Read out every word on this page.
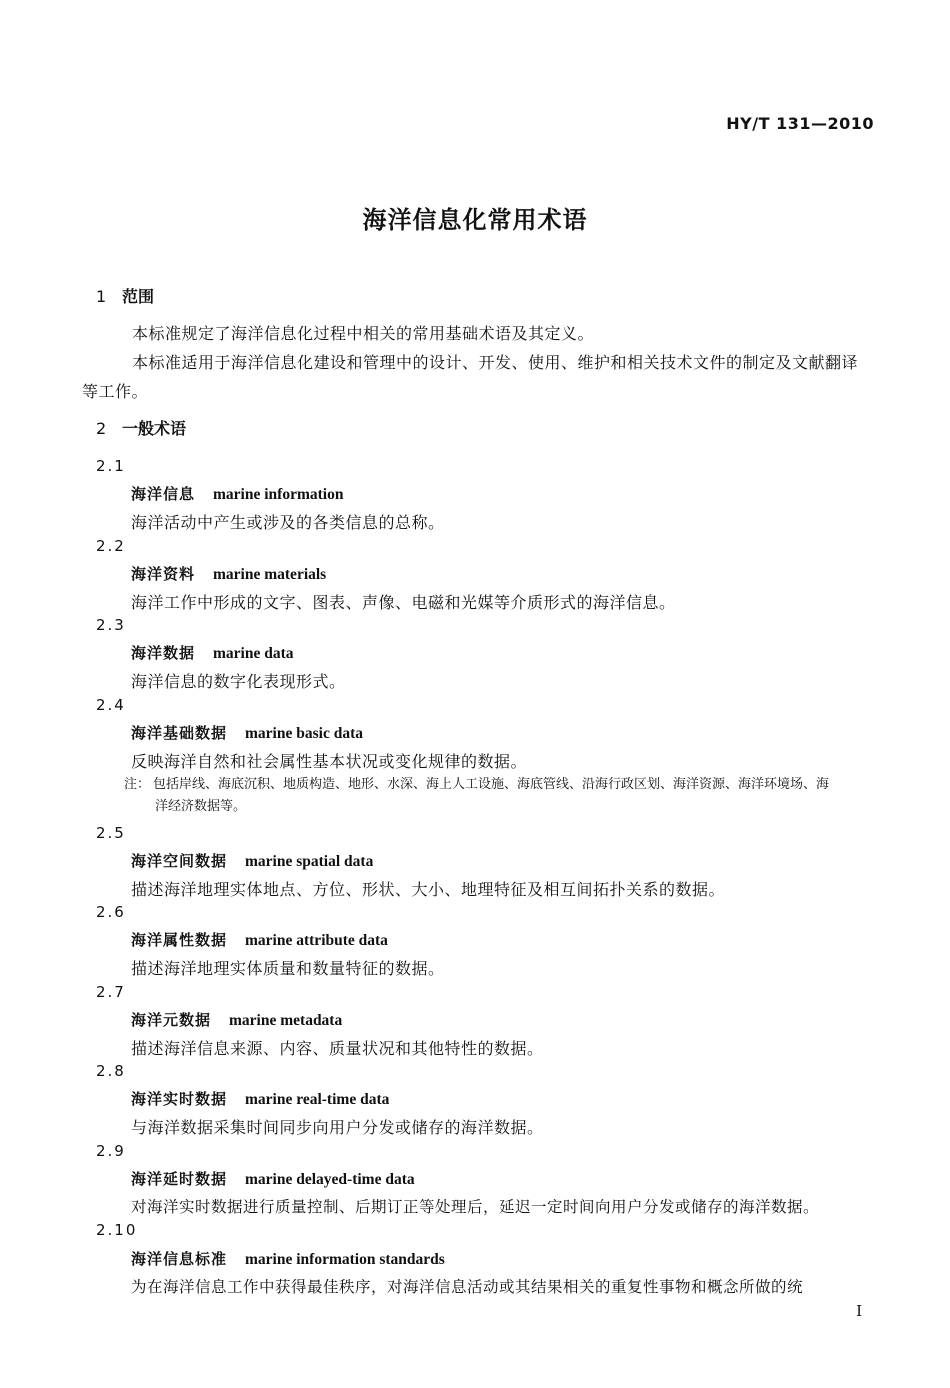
HY/T 131—2010
海洋信息化常用术语
1 范围

本标准规定了海洋信息化过程中相关的常用基础术语及其定义。

本标准适用于海洋信息化建设和管理中的设计、开发、使用、维护和相关技术文件的制定及文献翻译等工作。

2 一般术语
2.1
海洋信息 marine information
海洋活动中产生或涉及的各类信息的总称。
2.2
海洋资料 marine materials
海洋工作中形成的文字、图表、声像、电磁和光媒等介质形式的海洋信息。
2.3
海洋数据 marine data
海洋信息的数字化表现形式。
2.4
海洋基础数据 marine basic data
反映海洋自然和社会属性基本状况或变化规律的数据。
注： 包括岸线、海底沉积、地质构造、地形、水深、海上人工设施、海底管线、沿海行政区划、海洋资源、海洋环境场、海
洋经济数据等。
2.5
海洋空间数据 marine spatial data
描述海洋地理实体地点、方位、形状、大小、地理特征及相互间拓扑关系的数据。
2.6
海洋属性数据 marine attribute data
描述海洋地理实体质量和数量特征的数据。
2.7
海洋元数据 marine metadata
描述海洋信息来源、内容、质量状况和其他特性的数据。
2.8
海洋实时数据 marine real-time data
与海洋数据采集时间同步向用户分发或储存的海洋数据。
2.9
海洋延时数据 marine delayed-time data
对海洋实时数据进行质量控制、后期订正等处理后，延迟一定时间向用户分发或储存的海洋数据。
2.10
海洋信息标准 marine information standards
为在海洋信息工作中获得最佳秩序，对海洋信息活动或其结果相关的重复性事物和概念所做的统
I
